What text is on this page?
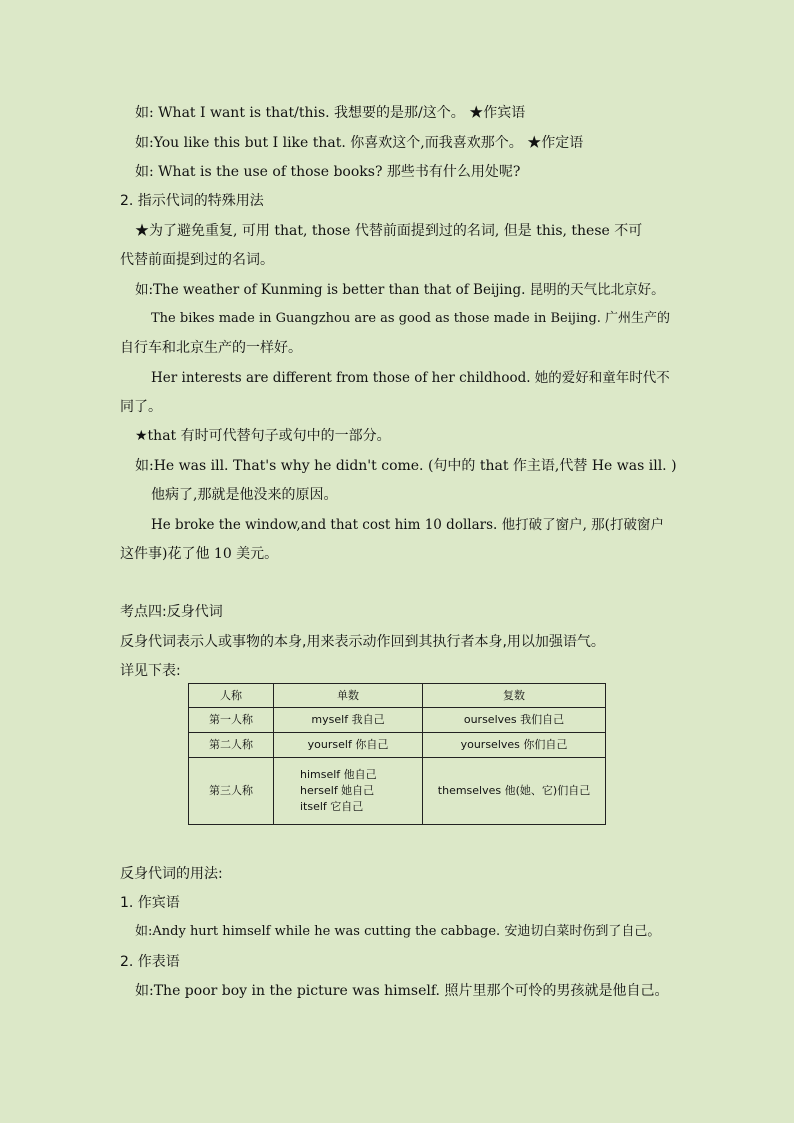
如: What I want is that/this. 我想要的是那/这个。 ★作宾语
如:You like this but I like that. 你喜欢这个,而我喜欢那个。 ★作定语
如: What is the use of those books? 那些书有什么用处呢?
2. 指示代词的特殊用法
★为了避免重复, 可用 that, those 代替前面提到过的名词, 但是 this, these 不可
代替前面提到过的名词。
如:The weather of Kunming is better than that of Beijing. 昆明的天气比北京好。
The bikes made in Guangzhou are as good as those made in Beijing. 广州生产的
自行车和北京生产的一样好。
Her interests are different from those of her childhood. 她的爱好和童年时代不
同了。
★that 有时可代替句子或句中的一部分。
如:He was ill. That's why he didn't come. (句中的 that 作主语,代替 He was ill. )
他病了,那就是他没来的原因。
He broke the window,and that cost him 10 dollars. 他打破了窗户, 那(打破窗户
这件事)花了他 10 美元。
考点四:反身代词
反身代词表示人或事物的本身,用来表示动作回到其执行者本身,用以加强语气。
详见下表:
人称	单数	复数
第一人称	myself 我自己	ourselves 我们自己
第二人称	yourself 你自己	yourselves 你们自己
第三人称	himself 他自己
herself 她自己
itself 它自己	themselves 他(她、它)们自己
反身代词的用法:
1. 作宾语
如:Andy hurt himself while he was cutting the cabbage. 安迪切白菜时伤到了自己。
2. 作表语
如:The poor boy in the picture was himself. 照片里那个可怜的男孩就是他自己。
